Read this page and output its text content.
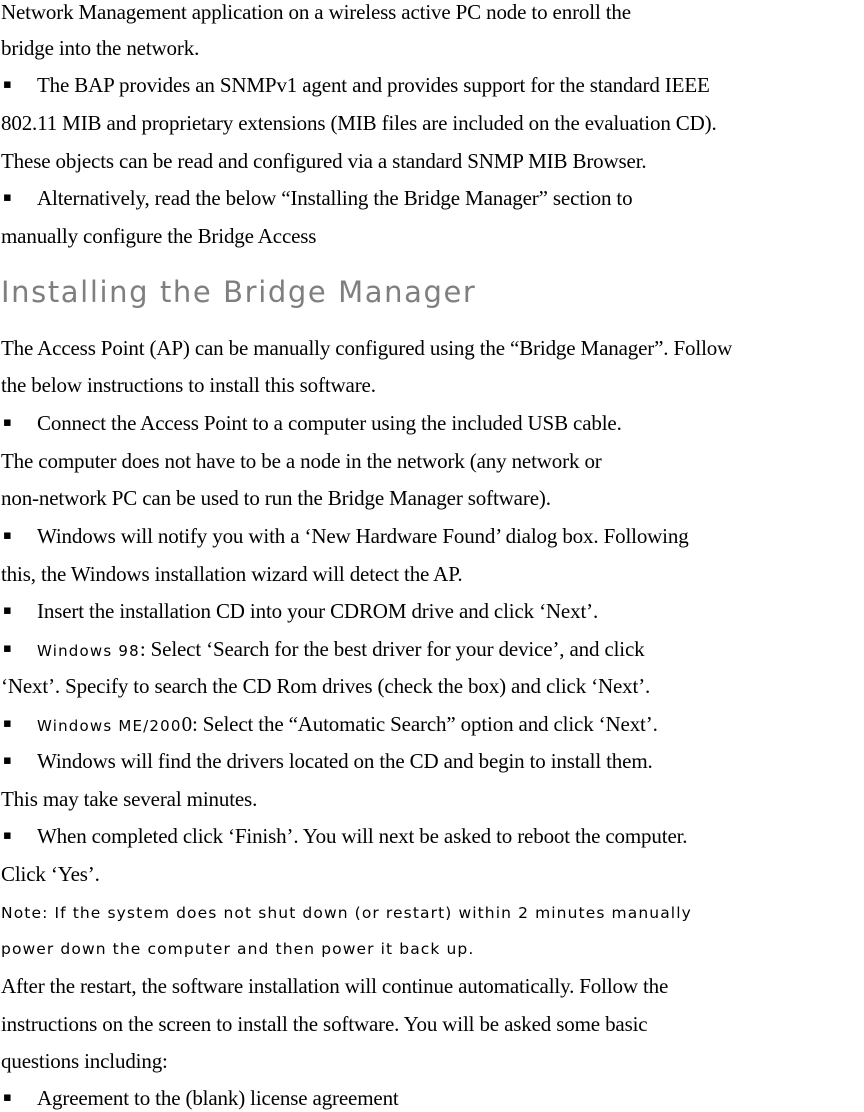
Network Management application on a wireless active PC node to enroll the
bridge into the network.
▪ The BAP provides an SNMPv1 agent and provides support for the standard IEEE
802.11 MIB and proprietary extensions (MIB files are included on the evaluation CD).
These objects can be read and configured via a standard SNMP MIB Browser.
▪ Alternatively, read the below “Installing the Bridge Manager” section to
manually configure the Bridge Access
Installing the Bridge Manager
The Access Point (AP) can be manually configured using the “Bridge Manager”. Follow
the below instructions to install this software.
▪ Connect the Access Point to a computer using the included USB cable.
The computer does not have to be a node in the network (any network or
non-network PC can be used to run the Bridge Manager software).
▪ Windows will notify you with a ‘New Hardware Found’ dialog box. Following
this, the Windows installation wizard will detect the AP.
▪ Insert the installation CD into your CDROM drive and click ‘Next’.
▪ Windows 98: Select ‘Search for the best driver for your device’, and click
‘Next’. Specify to search the CD Rom drives (check the box) and click ‘Next’.
▪ Windows ME/2000: Select the “Automatic Search” option and click ‘Next’.
▪ Windows will find the drivers located on the CD and begin to install them.
This may take several minutes.
▪ When completed click ‘Finish’. You will next be asked to reboot the computer.
Click ‘Yes’.
Note: If the system does not shut down (or restart) within 2 minutes manually
power down the computer and then power it back up.
After the restart, the software installation will continue automatically. Follow the
instructions on the screen to install the software. You will be asked some basic
questions including:
▪ Agreement to the (blank) license agreement
